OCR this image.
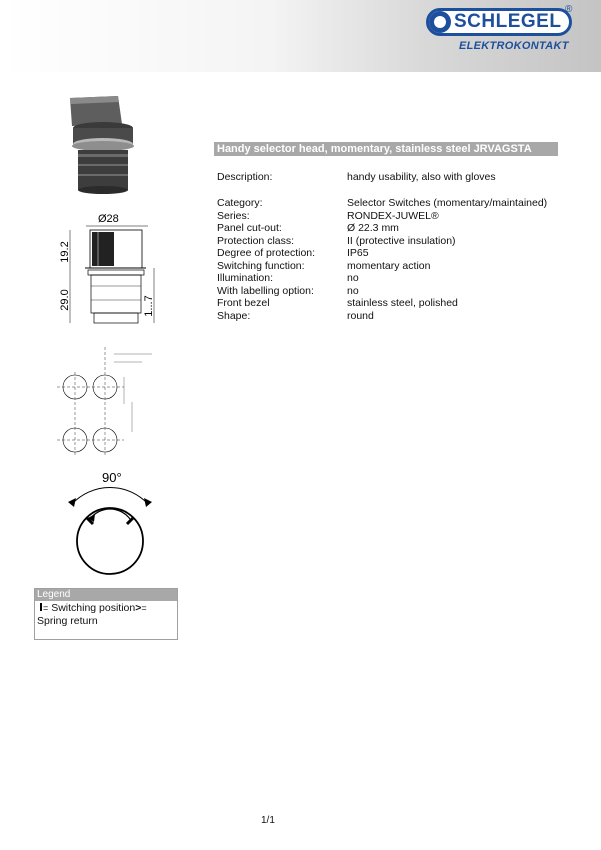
SCHLEGEL
®
ELEKTROKONTAKT
Ø28
19.2
29.0	1...7
90°
Handy selector head, momentary, stainless steel JRVAGSTA
Description:	handy usability, also with gloves
Category:	Selector Switches (momentary/maintained)
Series:	RONDEX-JUWEL®
Panel cut-out:	Ø 22.3 mm
Protection class:	II (protective insulation)
Degree of protection:	IP65
Switching function:	momentary action
Illumination:	no
With labelling option:	no
Front bezel	stainless steel, polished
Shape:	round
Legend
= Switching position>=
Spring return
1/1
